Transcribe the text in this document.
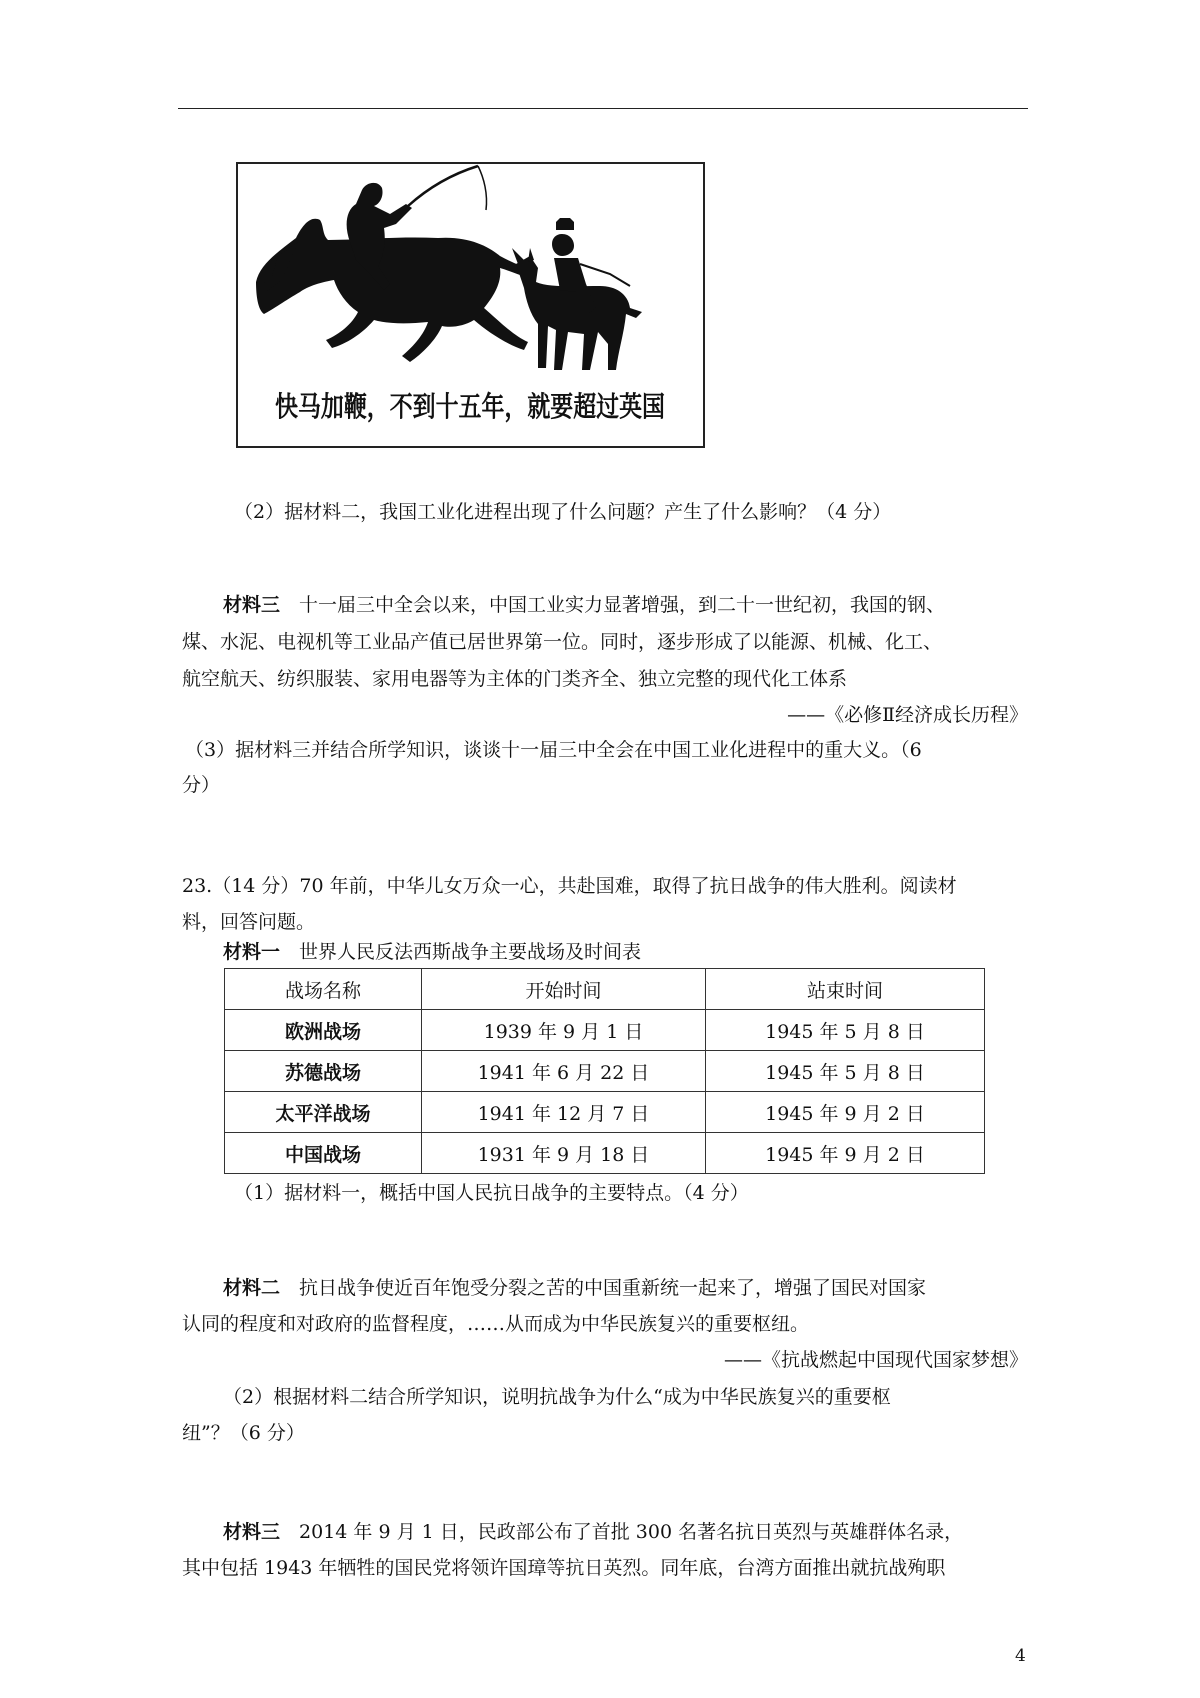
快马加鞭，不到十五年，就要超过英国
（2）据材料二，我国工业化进程出现了什么问题？产生了什么影响？（4 分）
材料三　 十一届三中全会以来，中国工业实力显著增强，到二十一世纪初，我国的钢、
煤、水泥、电视机等工业品产值已居世界第一位。同时，逐步形成了以能源、机械、化工、
航空航天、纺织服装、家用电器等为主体的门类齐全、独立完整的现代化工体系
——《必修Ⅱ经济成长历程》
（3）据材料三并结合所学知识，谈谈十一届三中全会在中国工业化进程中的重大义。（6
分）
23.（14 分）70 年前，中华儿女万众一心，共赴国难，取得了抗日战争的伟大胜利。阅读材
料，回答问题。
材料一　 世界人民反法西斯战争主要战场及时间表
战场名称	开始时间	站束时间
欧洲战场	1939 年 9 月 1 日	1945 年 5 月 8 日
苏德战场	1941 年 6 月 22 日	1945 年 5 月 8 日
太平洋战场	1941 年 12 月 7 日	1945 年 9 月 2 日
中国战场	1931 年 9 月 18 日	1945 年 9 月 2 日
（1）据材料一，概括中国人民抗日战争的主要特点。（4 分）
材料二　 抗日战争使近百年饱受分裂之苦的中国重新统一起来了，增强了国民对国家
认同的程度和对政府的监督程度，……从而成为中华民族复兴的重要枢纽。
——《抗战燃起中国现代国家梦想》
（2）根据材料二结合所学知识，说明抗战争为什么“成为中华民族复兴的重要枢
纽”？（6 分）
材料三　 2014 年 9 月 1 日，民政部公布了首批 300 名著名抗日英烈与英雄群体名录，
其中包括 1943 年牺牲的国民党将领许国璋等抗日英烈。同年底，台湾方面推出就抗战殉职
4
